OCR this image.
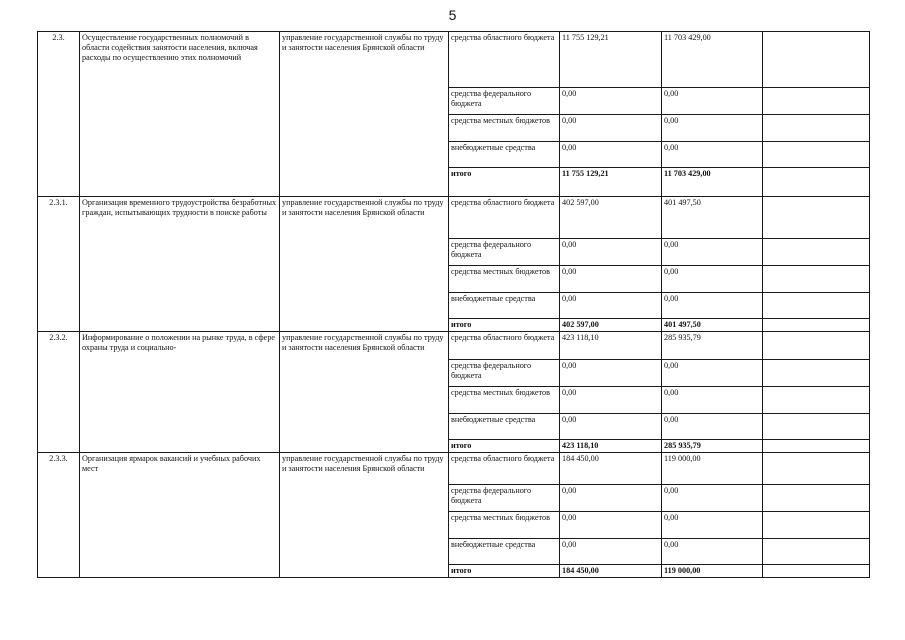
5
2.3.	Осуществление государственных полномочий в области содействия занятости населения, включая расходы по осуществлению этих полномочий	управление государственной службы по труду и занятости населения Брянской области	средства областного бюджета	11 755 129,21	11 703 429,00	
			средства федерального бюджета	0,00	0,00	
			средства местных бюджетов	0,00	0,00	
			внебюджетные средства	0,00	0,00	
			итого	11 755 129,21	11 703 429,00	
2.3.1.	Организация временного трудоустройства безработных граждан, испытывающих трудности в поиске работы	управление государственной службы по труду и занятости населения Брянской области	средства областного бюджета	402 597,00	401 497,50	
			средства федерального бюджета	0,00	0,00	
			средства местных бюджетов	0,00	0,00	
			внебюджетные средства	0,00	0,00	
			итого	402 597,00	401 497,50	
2.3.2.	Информирование о положении на рынке труда, в сфере охраны труда и социально-	управление государственной службы по труду и занятости населения Брянской области	средства областного бюджета	423 118,10	285 935,79	
			средства федерального бюджета	0,00	0,00	
			средства местных бюджетов	0,00	0,00	
			внебюджетные средства	0,00	0,00	
			итого	423 118,10	285 935,79	
2.3.3.	Организация ярмарок вакансий и учебных рабочих мест	управление государственной службы по труду и занятости населения Брянской области	средства областного бюджета	184 450,00	119 000,00	
			средства федерального бюджета	0,00	0,00	
			средства местных бюджетов	0,00	0,00	
			внебюджетные средства	0,00	0,00	
			итого	184 450,00	119 000,00	
